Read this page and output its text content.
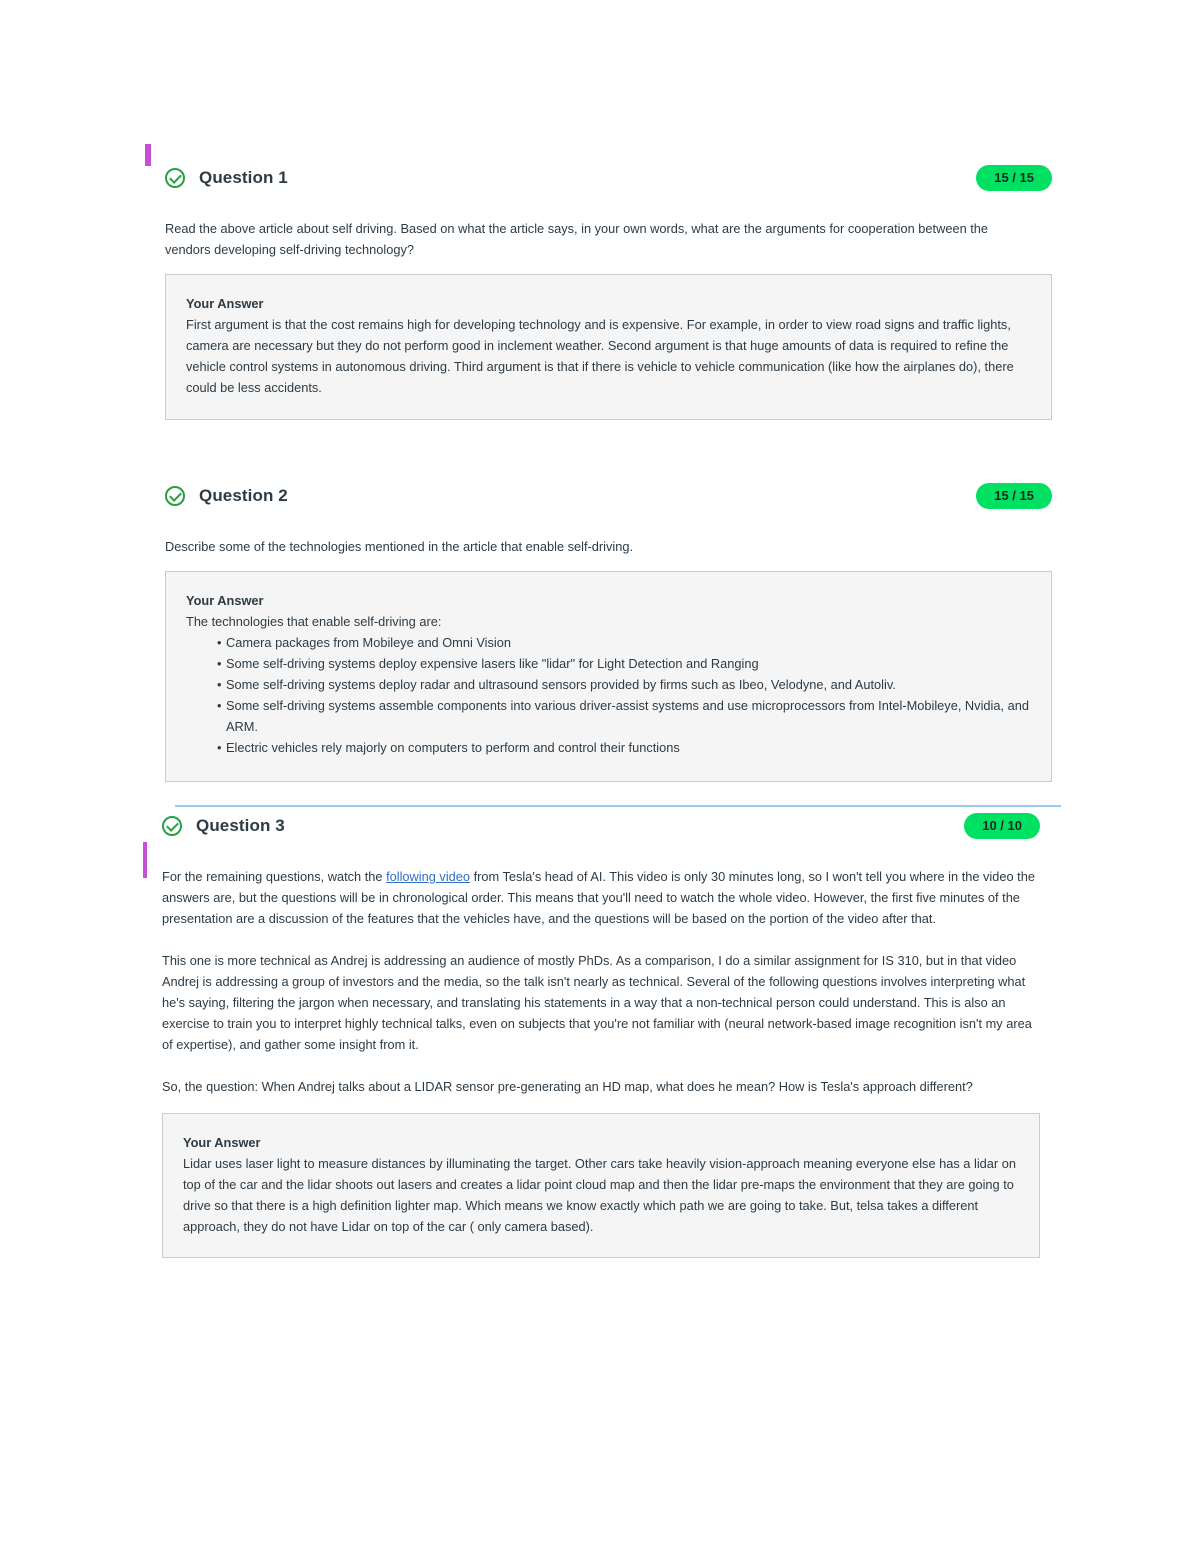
Question 1	15 / 15

Read the above article about self driving. Based on what the article says, in your own words, what are the arguments for cooperation between the vendors developing self-driving technology?

Your Answer
First argument is that the cost remains high for developing technology and is expensive. For example, in order to view road signs and traffic lights, camera are necessary but they do not perform good in inclement weather. Second argument is that huge amounts of data is required to refine the vehicle control systems in autonomous driving. Third argument is that if there is vehicle to vehicle communication (like how the airplanes do), there could be less accidents.
Question 2	15 / 15

Describe some of the technologies mentioned in the article that enable self-driving.

Your Answer
The technologies that enable self-driving are:
• Camera packages from Mobileye and Omni Vision
• Some self-driving systems deploy expensive lasers like "lidar" for Light Detection and Ranging
• Some self-driving systems deploy radar and ultrasound sensors provided by firms such as Ibeo, Velodyne, and Autoliv.
• Some self-driving systems assemble components into various driver-assist systems and use microprocessors from Intel-Mobileye, Nvidia, and ARM.
• Electric vehicles rely majorly on computers to perform and control their functions
Question 3	10 / 10

For the remaining questions, watch the following video from Tesla's head of AI. This video is only 30 minutes long, so I won't tell you where in the video the answers are, but the questions will be in chronological order. This means that you'll need to watch the whole video. However, the first five minutes of the presentation are a discussion of the features that the vehicles have, and the questions will be based on the portion of the video after that.

This one is more technical as Andrej is addressing an audience of mostly PhDs. As a comparison, I do a similar assignment for IS 310, but in that video Andrej is addressing a group of investors and the media, so the talk isn't nearly as technical. Several of the following questions involves interpreting what he's saying, filtering the jargon when necessary, and translating his statements in a way that a non-technical person could understand. This is also an exercise to train you to interpret highly technical talks, even on subjects that you're not familiar with (neural network-based image recognition isn't my area of expertise), and gather some insight from it.

So, the question: When Andrej talks about a LIDAR sensor pre-generating an HD map, what does he mean? How is Tesla's approach different?

Your Answer
Lidar uses laser light to measure distances by illuminating the target. Other cars take heavily vision-approach meaning everyone else has a lidar on top of the car and the lidar shoots out lasers and creates a lidar point cloud map and then the lidar pre-maps the environment that they are going to drive so that there is a high definition lighter map. Which means we know exactly which path we are going to take. But, telsa takes a different approach, they do not have Lidar on top of the car ( only camera based).
